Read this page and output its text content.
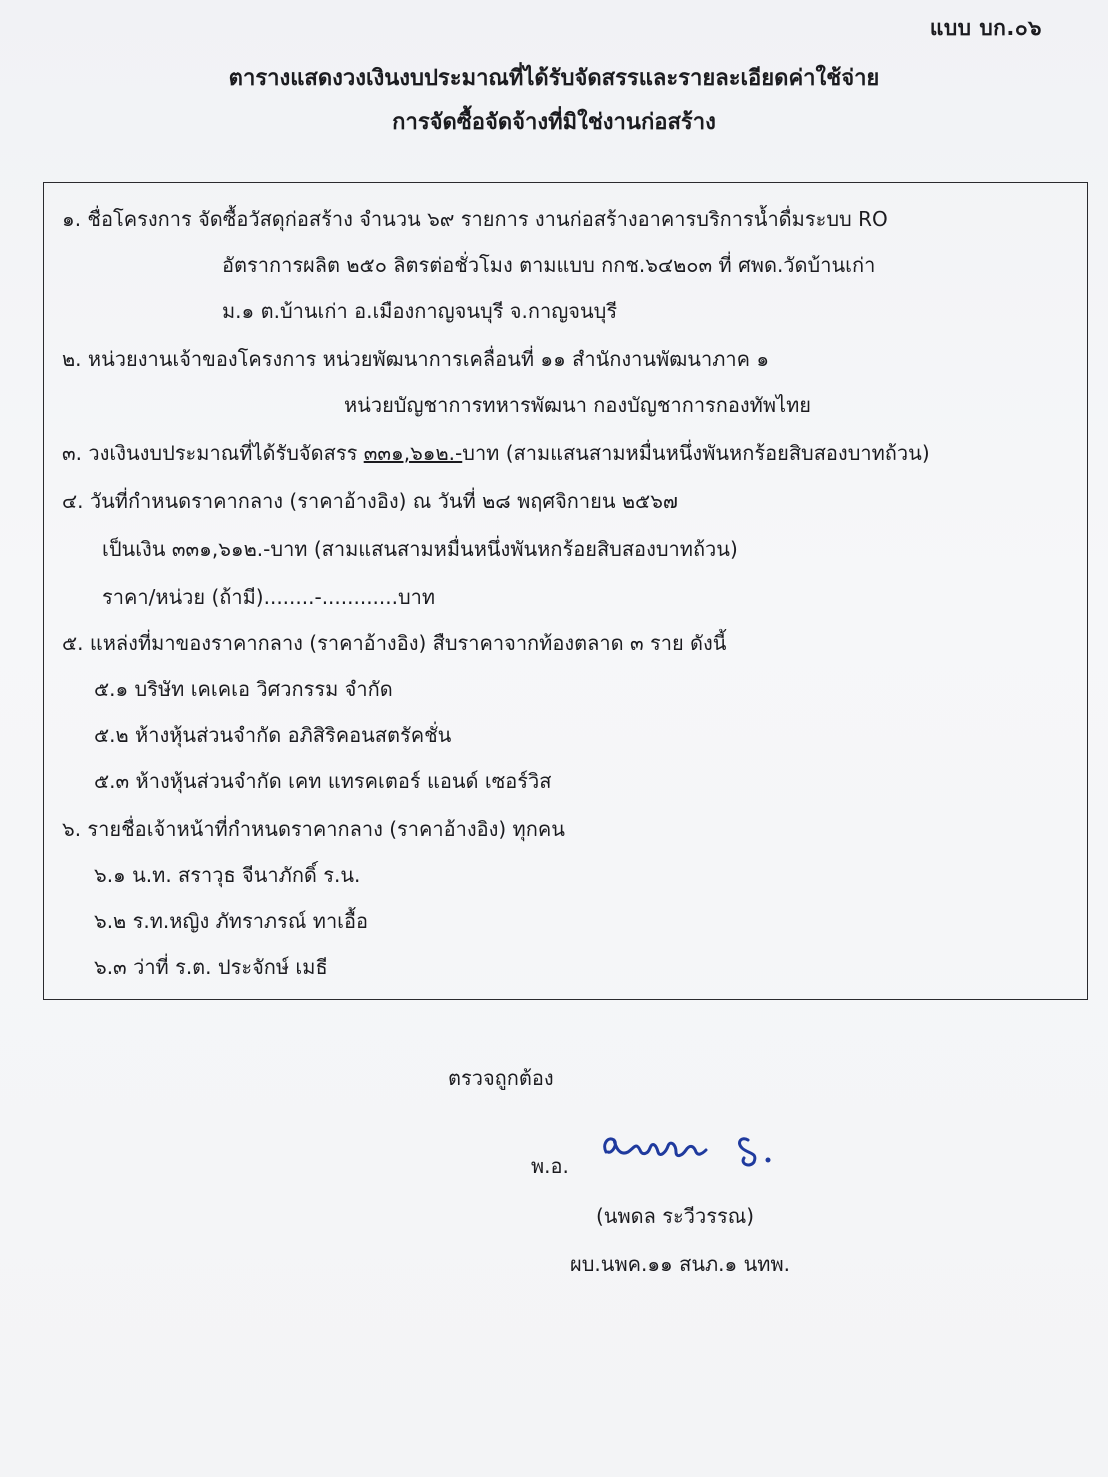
แบบ บก.๐๖
ตารางแสดงวงเงินงบประมาณที่ได้รับจัดสรรและรายละเอียดค่าใช้จ่าย
การจัดซื้อจัดจ้างที่มิใช่งานก่อสร้าง
๑. ชื่อโครงการ จัดซื้อวัสดุก่อสร้าง จำนวน ๖๙ รายการ งานก่อสร้างอาคารบริการน้ำดื่มระบบ RO
อัตราการผลิต ๒๕๐ ลิตรต่อชั่วโมง ตามแบบ กกช.๖๔๒๐๓ ที่ ศพด.วัดบ้านเก่า
ม.๑ ต.บ้านเก่า อ.เมืองกาญจนบุรี จ.กาญจนบุรี
๒. หน่วยงานเจ้าของโครงการ หน่วยพัฒนาการเคลื่อนที่ ๑๑ สำนักงานพัฒนาภาค ๑
หน่วยบัญชาการทหารพัฒนา กองบัญชาการกองทัพไทย
๓. วงเงินงบประมาณที่ได้รับจัดสรร ๓๓๑,๖๑๒.-บาท (สามแสนสามหมื่นหนึ่งพันหกร้อยสิบสองบาทถ้วน)
๔. วันที่กำหนดราคากลาง (ราคาอ้างอิง) ณ วันที่ ๒๘ พฤศจิกายน ๒๕๖๗
เป็นเงิน ๓๓๑,๖๑๒.-บาท (สามแสนสามหมื่นหนึ่งพันหกร้อยสิบสองบาทถ้วน)
ราคา/หน่วย (ถ้ามี)........-............บาท
๕. แหล่งที่มาของราคากลาง (ราคาอ้างอิง) สืบราคาจากท้องตลาด ๓ ราย ดังนี้
๕.๑ บริษัท เคเคเอ วิศวกรรม จำกัด
๕.๒ ห้างหุ้นส่วนจำกัด อภิสิริคอนสตรัคชั่น
๕.๓ ห้างหุ้นส่วนจำกัด เคท แทรคเตอร์ แอนด์ เซอร์วิส
๖. รายชื่อเจ้าหน้าที่กำหนดราคากลาง (ราคาอ้างอิง) ทุกคน
๖.๑ น.ท. สราวุธ จีนาภักดิ์ ร.น.
๖.๒ ร.ท.หญิง ภัทราภรณ์ ทาเอื้อ
๖.๓ ว่าที่ ร.ต. ประจักษ์ เมธี
ตรวจถูกต้อง
พ.อ.
(นพดล ระวีวรรณ)
ผบ.นพค.๑๑ สนภ.๑ นทพ.
